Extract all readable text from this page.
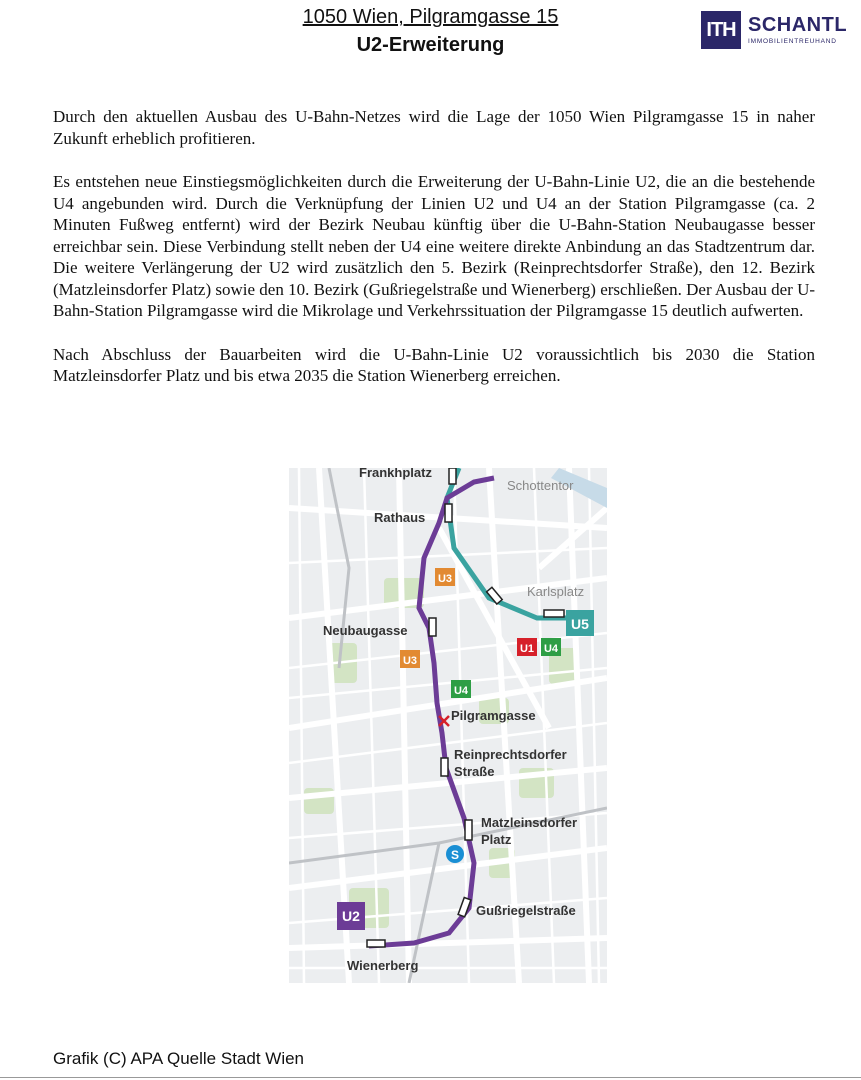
1050 Wien, Pilgramgasse 15
U2-Erweiterung
ITH SCHANTL
IMMOBILIENTREUHAND

Durch den aktuellen Ausbau des U-Bahn-Netzes wird die Lage der 1050 Wien Pilgramgasse 15 in naher Zukunft erheblich profitieren.

Es entstehen neue Einstiegsmöglichkeiten durch die Erweiterung der U-Bahn-Linie U2, die an die bestehende U4 angebunden wird. Durch die Verknüpfung der Linien U2 und U4 an der Station Pilgramgasse (ca. 2 Minuten Fußweg entfernt) wird der Bezirk Neubau künftig über die U-Bahn-Station Neubaugasse besser erreichbar sein. Diese Verbindung stellt neben der U4 eine weitere direkte Anbindung an das Stadtzentrum dar. Die weitere Verlängerung der U2 wird zusätzlich den 5. Bezirk (Reinprechtsdorfer Straße), den 12. Bezirk (Matzleinsdorfer Platz) sowie den 10. Bezirk (Gußriegelstraße und Wienerberg) erschließen. Der Ausbau der U-Bahn-Station Pilgramgasse wird die Mikrolage und Verkehrssituation der Pilgramgasse 15 deutlich aufwerten.

Nach Abschluss der Bauarbeiten wird die U-Bahn-Linie U2 voraussichtlich bis 2030 die Station Matzleinsdorfer Platz und bis etwa 2035 die Station Wienerberg erreichen.

S
U3
U3
U5
U1 U4
U4
U2
Frankhplatz
Rathaus
Neubaugasse
Pilgramgasse
Reinprechtsdorfer
Straße
Matzleinsdorfer
Platz
Gußriegelstraße
Wienerberg
Schottentor
Karlsplatz
Grafik (C) APA Quelle Stadt Wien
